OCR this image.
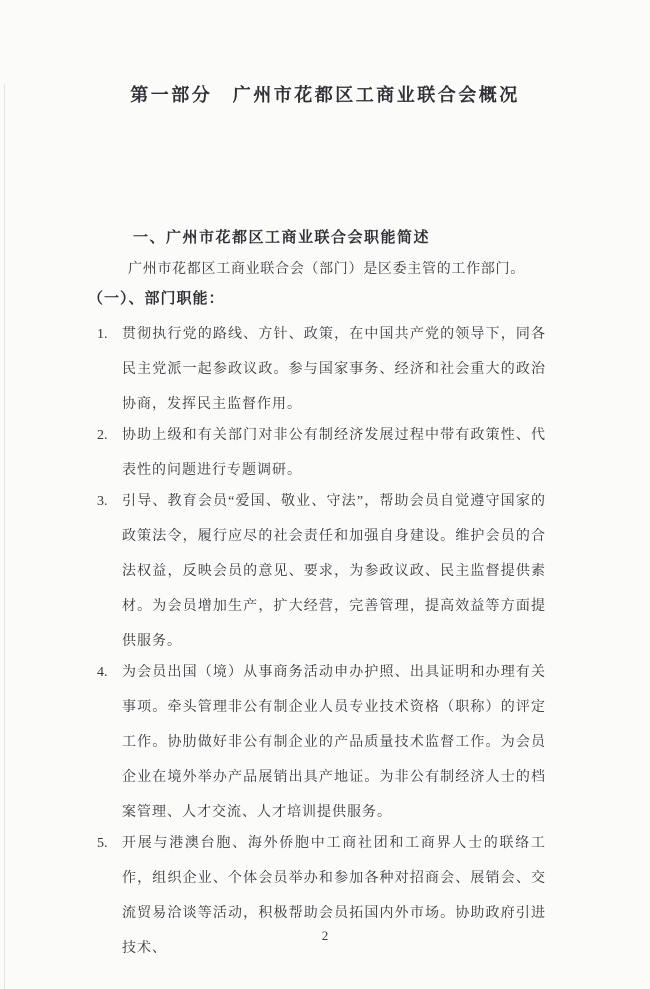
第一部分　广州市花都区工商业联合会概况
一、广州市花都区工商业联合会职能简述

广州市花都区工商业联合会（部门）是区委主管的工作部门。

（一）、部门职能：
1.	贯彻执行党的路线、方针、政策，在中国共产党的领导下，同各民主党派一起参政议政。参与国家事务、经济和社会重大的政治协商，发挥民主监督作用。
2.	协助上级和有关部门对非公有制经济发展过程中带有政策性、代表性的问题进行专题调研。
3.	引导、教育会员“爱国、敬业、守法”，帮助会员自觉遵守国家的政策法令，履行应尽的社会责任和加强自身建设。维护会员的合法权益，反映会员的意见、要求，为参政议政、民主监督提供素材。为会员增加生产，扩大经营，完善管理，提高效益等方面提供服务。
4.	为会员出国（境）从事商务活动申办护照、出具证明和办理有关事项。牵头管理非公有制企业人员专业技术资格（职称）的评定工作。协肋做好非公有制企业的产品质量技术监督工作。为会员企业在境外举办产品展销出具产地证。为非公有制经济人士的档案管理、人才交流、人才培训提供服务。
5.	开展与港澳台胞、海外侨胞中工商社团和工商界人士的联络工作，组织企业、个体会员举办和参加各种对招商会、展销会、交流贸易洽谈等活动，积极帮助会员拓国内外市场。协助政府引进技术、
2
